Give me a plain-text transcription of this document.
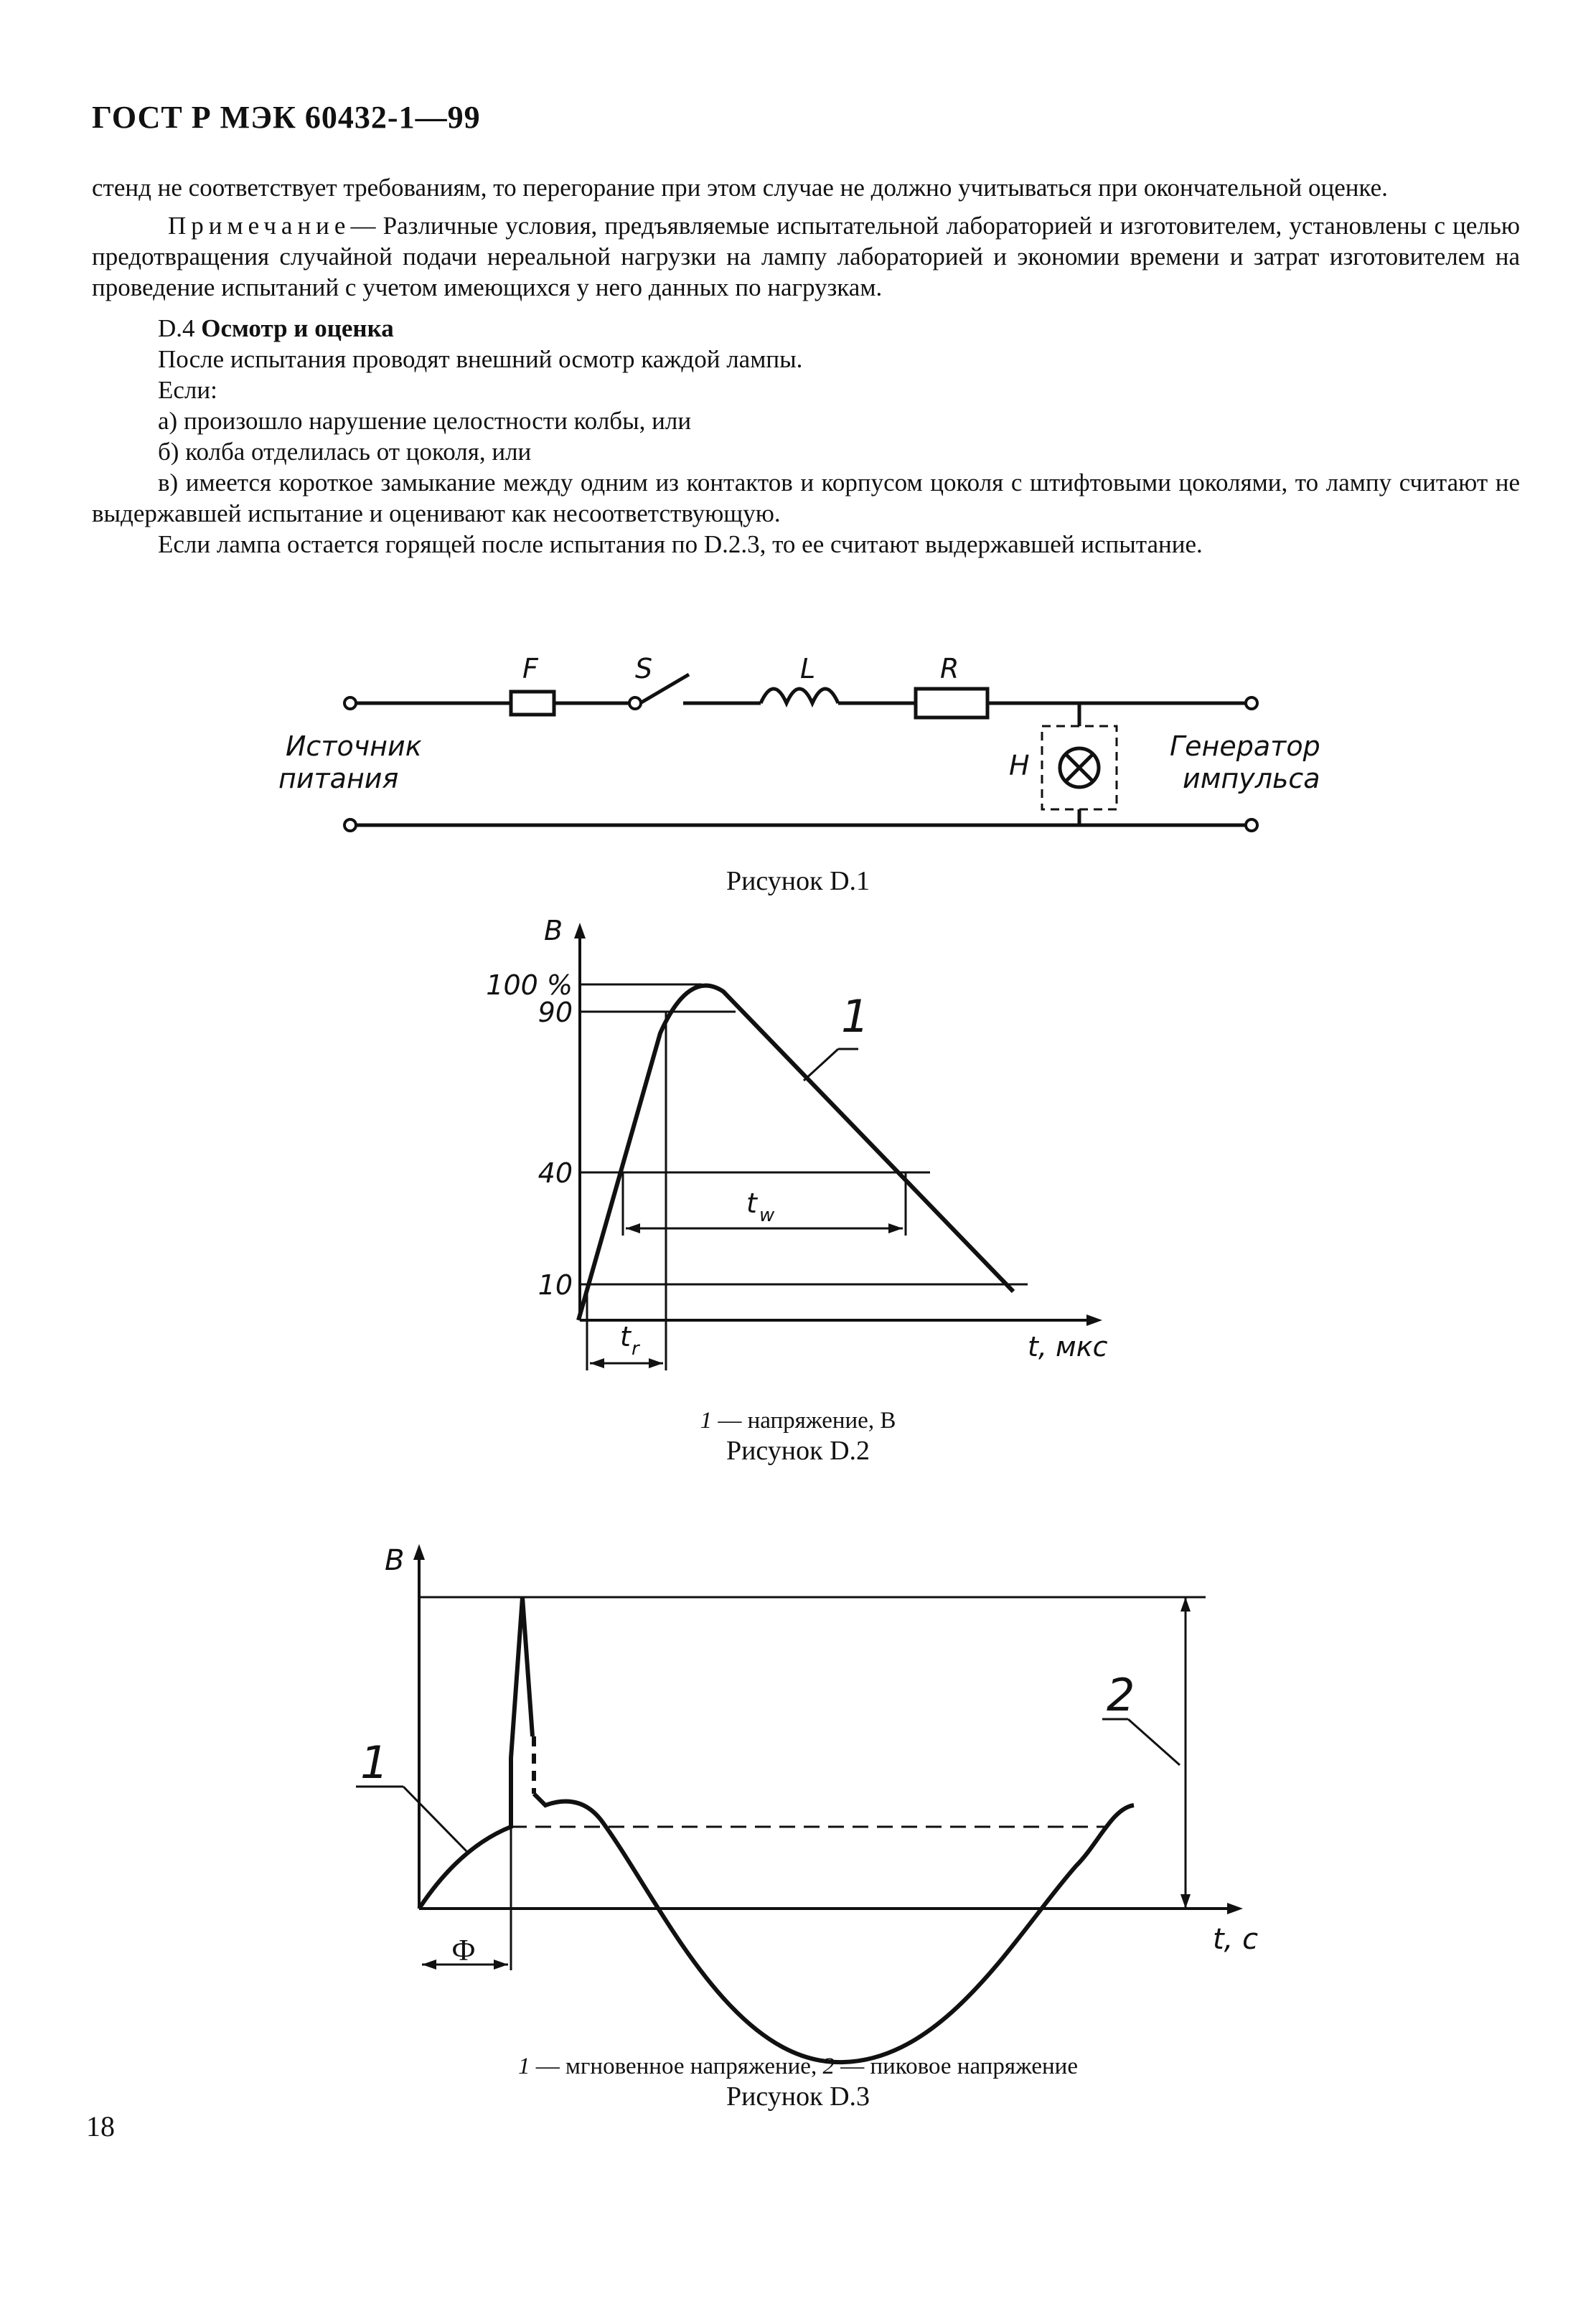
ГОСТ Р МЭК 60432-1—99

стенд не соответствует требованиям, то перегорание при этом случае не должно учитываться при окончательной оценке.

Примечание— Различные условия, предъявляемые испытательной лабораторией и изготовителем, установлены с целью предотвращения случайной подачи нереальной нагрузки на лампу лабораторией и экономии времени и затрат изготовителем на проведение испытаний с учетом имеющихся у него данных по нагрузкам.

D.4 Осмотр и оценка

После испытания проводят внешний осмотр каждой лампы.

Если:

а) произошло нарушение целостности колбы, или

б) колба отделилась от цоколя, или

в) имеется короткое замыкание между одним из контактов и корпусом цоколя с штифтовыми цоколями, то лампу считают не выдержавшей испытание и оценивают как несоответствующую.

Если лампа остается горящей после испытания по D.2.3, то ее считают выдержавшей испытание.

F	S	L	R
H
Источник
питания
Генератор
импульса
Рисунок D.1
B
100 %
90
40
10
1
t w
t r	t, мкс
1 — напряжение, В
Рисунок D.2
B
t, c
1
2
Ф
1 — мгновенное напряжение, 2 — пиковое напряжение
Рисунок D.3
18
